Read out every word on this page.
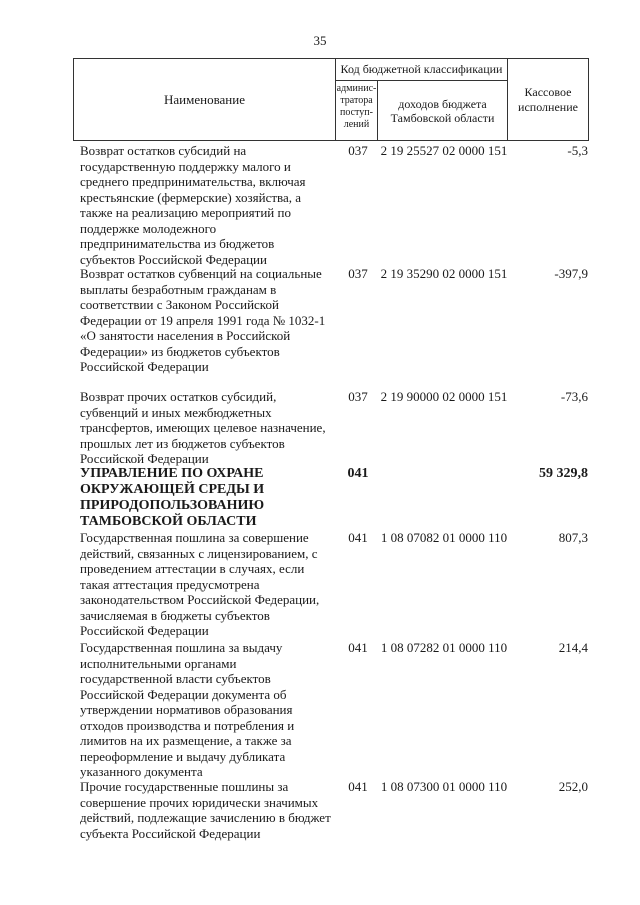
35
Наименование
Код бюджетной классификации
админис-тратора поступ-лений
доходов бюджета Тамбовской области
Кассовое исполнение
Возврат остатков субсидий на государственную поддержку малого и среднего предпринимательства, включая крестьянские (фермерские) хозяйства, а также на реализацию мероприятий по поддержке молодежного предпринимательства из бюджетов субъектов Российской Федерации
037 2 19 25527 02 0000 151	-5,3
Возврат остатков субвенций на социальные выплаты безработным гражданам в соответствии с Законом Российской Федерации от 19 апреля 1991 года № 1032-1 «О занятости населения в Российской Федерации» из бюджетов субъектов Российской Федерации
037 2 19 35290 02 0000 151	-397,9
Возврат прочих остатков субсидий, субвенций и иных межбюджетных трансфертов, имеющих целевое назначение, прошлых лет из бюджетов субъектов Российской Федерации
037 2 19 90000 02 0000 151	-73,6
УПРАВЛЕНИЕ ПО ОХРАНЕ ОКРУЖАЮЩЕЙ СРЕДЫ И ПРИРОДОПОЛЬЗОВАНИЮ ТАМБОВСКОЙ ОБЛАСТИ
041	59 329,8
Государственная пошлина за совершение действий, связанных с лицензированием, с проведением аттестации в случаях, если такая аттестация предусмотрена законодательством Российской Федерации, зачисляемая в бюджеты субъектов Российской Федерации
041	1 08 07082 01 0000 110	807,3
Государственная пошлина за выдачу исполнительными органами государственной власти субъектов Российской Федерации документа об утверждении нормативов образования отходов производства и потребления и лимитов на их размещение, а также за переоформление и выдачу дубликата указанного документа
041	1 08 07282 01 0000 110	214,4
Прочие государственные пошлины за совершение прочих юридически значимых действий, подлежащие зачислению в бюджет субъекта Российской Федерации
041	1 08 07300 01 0000 110	252,0
